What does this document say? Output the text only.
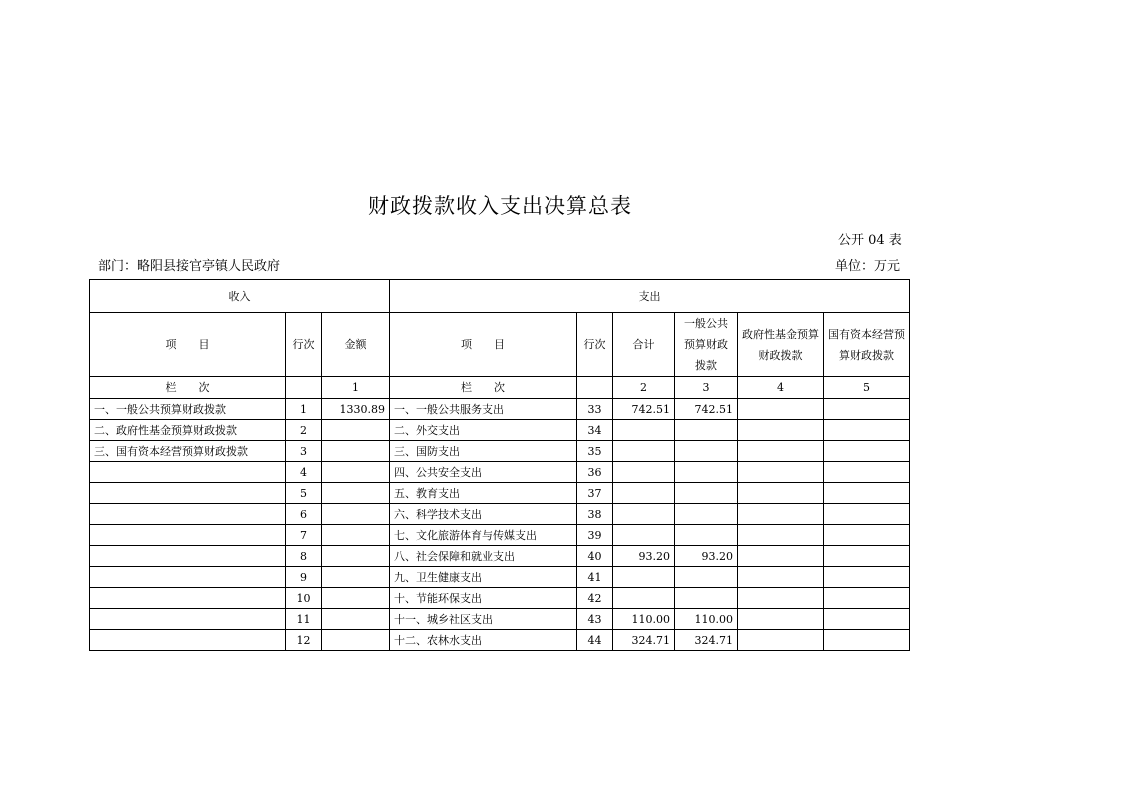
财政拨款收入支出决算总表
公开 04 表
部门：略阳县接官亭镇人民政府	单位：万元
收入			支出					
项　　目	行次	金额	项　　目	行次	合计	一般公共预算财政拨款	政府性基金预算财政拨款	国有资本经营预算财政拨款
栏　　次		1	栏　　次		2	3	4	5
一、一般公共预算财政拨款	1	1330.89	一、一般公共服务支出	33	742.51	742.51		
二、政府性基金预算财政拨款	2		二、外交支出	34				
三、国有资本经营预算财政拨款	3		三、国防支出	35				
	4		四、公共安全支出	36				
	5		五、教育支出	37				
	6		六、科学技术支出	38				
	7		七、文化旅游体育与传媒支出	39				
	8		八、社会保障和就业支出	40	93.20	93.20		
	9		九、卫生健康支出	41				
	10		十、节能环保支出	42				
	11		十一、城乡社区支出	43	110.00	110.00		
	12		十二、农林水支出	44	324.71	324.71		
